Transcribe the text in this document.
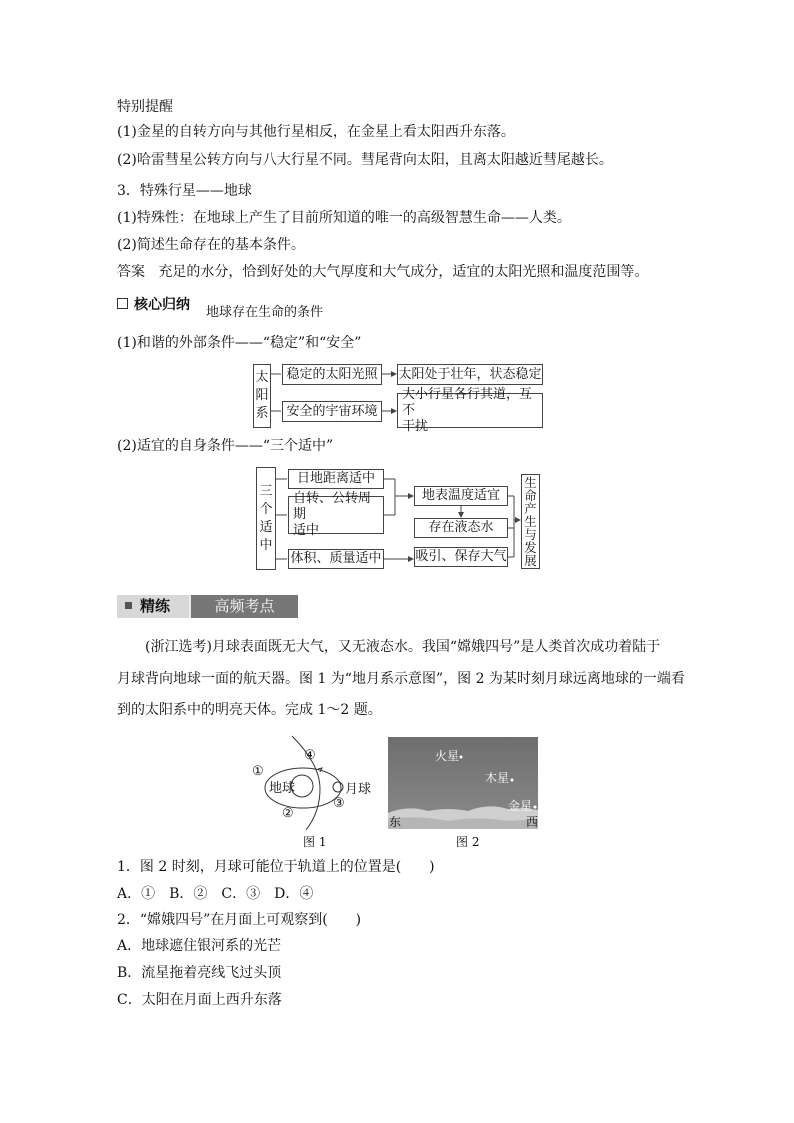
特别提醒
(1)金星的自转方向与其他行星相反，在金星上看太阳西升东落。
(2)哈雷彗星公转方向与八大行星不同。彗尾背向太阳，且离太阳越近彗尾越长。
3．特殊行星——地球
(1)特殊性：在地球上产生了目前所知道的唯一的高级智慧生命——人类。
(2)简述生命存在的基本条件。
答案 充足的水分，恰到好处的大气厚度和大气成分，适宜的太阳光照和温度范围等。
核心归纳 地球存在生命的条件
(1)和谐的外部条件——“稳定”和“安全”
太
阳
系
稳定的太阳光照
安全的宇宙环境
太阳处于壮年，状态稳定
大小行星各行其道，互不
干扰
(2)适宜的自身条件——“三个适中”
三
个
适
中
日地距离适中
自转、公转周期
适中
体积、质量适中
地表温度适宜
存在液态水
吸引、保存大气
生
命
产
生
与
发
展
精练	高频考点
(浙江选考)月球表面既无大气，又无液态水。我国“嫦娥四号”是人类首次成功着陆于
月球背向地球一面的航天器。图 1 为“地月系示意图”，图 2 为某时刻月球远离地球的一端看
到的太阳系中的明亮天体。完成 1～2 题。
④
①
地球	月球
③
②
图 1
火星
木星
金星
东	西
图 2
1．图 2 时刻，月球可能位于轨道上的位置是(　　)
A．①　B．②　C．③　D．④
2．“嫦娥四号”在月面上可观察到(　　)
A．地球遮住银河系的光芒
B．流星拖着亮线飞过头顶
C．太阳在月面上西升东落
